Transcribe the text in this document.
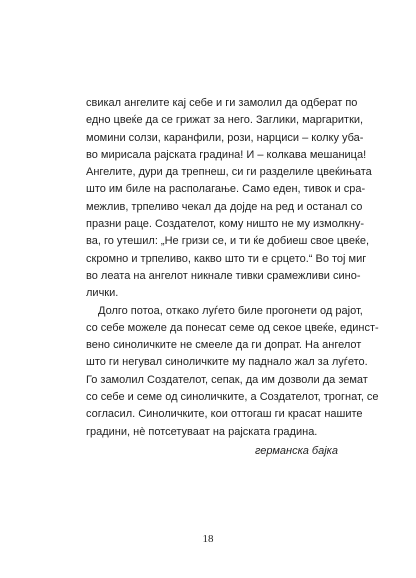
свикал ангелите кај себе и ги замолил да одберат по
едно цвеќе да се грижат за него. Заглики, маргаритки,
момини солзи, каранфили, рози, нарциси – колку уба-
во мирисала рајската градина! И – колкава мешаница!
Ангелите, дури да трепнеш, си ги разделиле цвеќињата
што им биле на располагање. Само еден, тивок и сра-
межлив, трпеливо чекал да дојде на ред и останал со
празни раце. Создателот, кому ништо не му измолкну-
ва, го утешил: „Не гризи се, и ти ќе добиеш свое цвеќе,
скромно и трпеливо, какво што ти е срцето.“ Во тој миг
во леата на ангелот никнале тивки срамежливи сино-
лички.

Долго потоа, откако луѓето биле прогонети од рајот,
со себе можеле да понесат семе од секое цвеќе, единст-
вено синоличките не смееле да ги допрат. На ангелот
што ги негувал синоличките му паднало жал за луѓето.
Го замолил Создателот, сепак, да им дозволи да земат
со себе и семе од синоличките, а Создателот, трогнат, се
согласил. Синоличките, кои оттогаш ги красат нашите
градини, нè потсетуваат на рајската градина.

германска бајка
18
